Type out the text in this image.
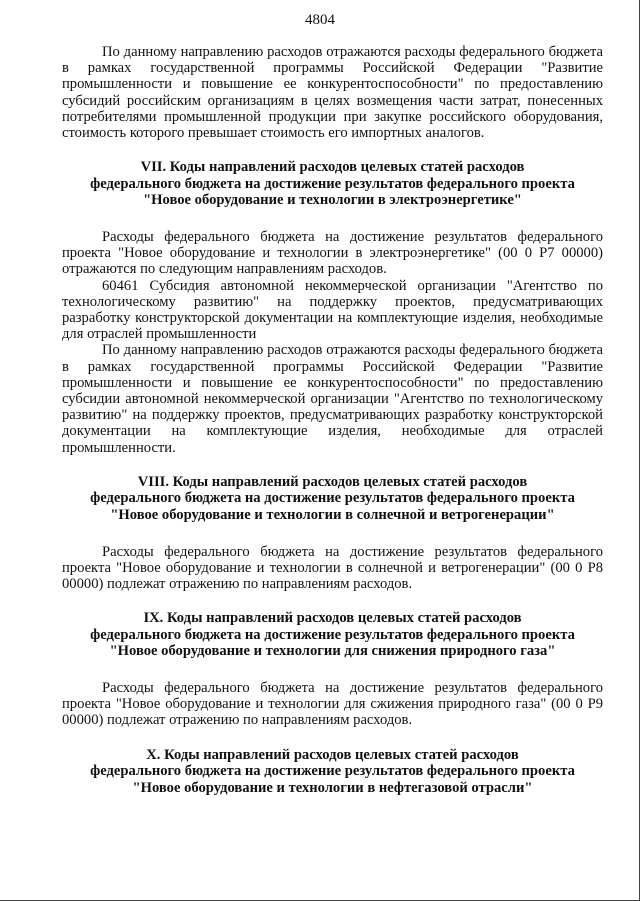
4804
По данному направлению расходов отражаются расходы федерального бюджета в рамках государственной программы Российской Федерации "Развитие промышленности и повышение ее конкурентоспособности" по предоставлению субсидий российским организациям в целях возмещения части затрат, понесенных потребителями промышленной продукции при закупке российского оборудования, стоимость которого превышает стоимость его импортных аналогов.
VII. Коды направлений расходов целевых статей расходов
федерального бюджета на достижение результатов федерального проекта
"Новое оборудование и технологии в электроэнергетике"
Расходы федерального бюджета на достижение результатов федерального проекта "Новое оборудование и технологии в электроэнергетике" (00 0 P7 00000) отражаются по следующим направлениям расходов.
60461 Субсидия автономной некоммерческой организации "Агентство по технологическому развитию" на поддержку проектов, предусматривающих разработку конструкторской документации на комплектующие изделия, необходимые для отраслей промышленности
По данному направлению расходов отражаются расходы федерального бюджета в рамках государственной программы Российской Федерации "Развитие промышленности и повышение ее конкурентоспособности" по предоставлению субсидии автономной некоммерческой организации "Агентство по технологическому развитию" на поддержку проектов, предусматривающих разработку конструкторской документации на комплектующие изделия, необходимые для отраслей промышленности.
VIII. Коды направлений расходов целевых статей расходов
федерального бюджета на достижение результатов федерального проекта
"Новое оборудование и технологии в солнечной и ветрогенерации"
Расходы федерального бюджета на достижение результатов федерального проекта "Новое оборудование и технологии в солнечной и ветрогенерации" (00 0 P8 00000) подлежат отражению по направлениям расходов.
IX. Коды направлений расходов целевых статей расходов
федерального бюджета на достижение результатов федерального проекта
"Новое оборудование и технологии для снижения природного газа"
Расходы федерального бюджета на достижение результатов федерального проекта "Новое оборудование и технологии для сжижения природного газа" (00 0 P9 00000) подлежат отражению по направлениям расходов.
X. Коды направлений расходов целевых статей расходов
федерального бюджета на достижение результатов федерального проекта
"Новое оборудование и технологии в нефтегазовой отрасли"
